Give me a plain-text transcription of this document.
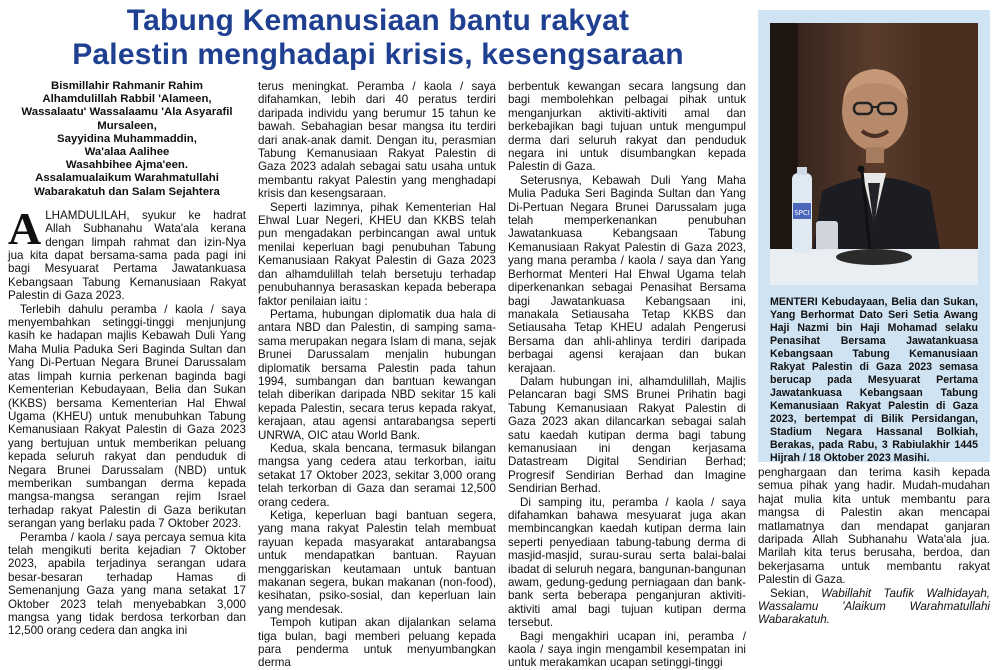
Tabung Kemanusiaan bantu rakyat
Palestin menghadapi krisis, kesengsaraan
Bismillahir Rahmanir Rahim
Alhamdulillah Rabbil 'Alameen,
Wassalaatu' Wassalaamu 'Ala Asyarafil
Mursaleen,
Sayyidina Muhammaddin,
Wa'alaa Aalihee
Wasahbihee Ajma'een.
Assalamualaikum Warahmatullahi
Wabarakatuh dan Salam Sejahtera

ALHAMDULILAH, syukur ke hadrat Allah Subhanahu Wata'ala kerana dengan limpah rahmat dan izin-Nya jua kita dapat bersama-sama pada pagi ini bagi Mesyuarat Pertama Jawatankuasa Kebangsaan Tabung Kemanusiaan Rakyat Palestin di Gaza 2023.

Terlebih dahulu peramba / kaola / saya menyembahkan setinggi-tinggi menjunjung kasih ke hadapan majlis Kebawah Duli Yang Maha Mulia Paduka Seri Baginda Sultan dan Yang Di-Pertuan Negara Brunei Darussalam atas limpah kurnia perkenan baginda bagi Kementerian Kebudayaan, Belia dan Sukan (KKBS) bersama Kementerian Hal Ehwal Ugama (KHEU) untuk menubuhkan Tabung Kemanusiaan Rakyat Palestin di Gaza 2023 yang bertujuan untuk memberikan peluang kepada seluruh rakyat dan penduduk di Negara Brunei Darussalam (NBD) untuk memberikan sumbangan derma kepada mangsa-mangsa serangan rejim Israel terhadap rakyat Palestin di Gaza berikutan serangan yang berlaku pada 7 Oktober 2023.

Peramba / kaola / saya percaya semua kita telah mengikuti berita kejadian 7 Oktober 2023, apabila terjadinya serangan udara besar-besaran terhadap Hamas di Semenanjung Gaza yang mana setakat 17 Oktober 2023 telah menyebabkan 3,000 mangsa yang tidak berdosa terkorban dan 12,500 orang cedera dan angka ini

terus meningkat. Peramba / kaola / saya difahamkan, lebih dari 40 peratus terdiri daripada individu yang berumur 15 tahun ke bawah. Sebahagian besar mangsa itu terdiri dari anak-anak damit. Dengan itu, perasmian Tabung Kemanusiaan Rakyat Palestin di Gaza 2023 adalah sebagai satu usaha untuk membantu rakyat Palestin yang menghadapi krisis dan kesengsaraan.

Seperti lazimnya, pihak Kementerian Hal Ehwal Luar Negeri, KHEU dan KKBS telah pun mengadakan perbincangan awal untuk menilai keperluan bagi penubuhan Tabung Kemanusiaan Rakyat Palestin di Gaza 2023 dan alhamdulillah telah bersetuju terhadap penubuhannya berasaskan kepada beberapa faktor penilaian iaitu :

Pertama, hubungan diplomatik dua hala di antara NBD dan Palestin, di samping sama-sama merupakan negara Islam di mana, sejak Brunei Darussalam menjalin hubungan diplomatik bersama Palestin pada tahun 1994, sumbangan dan bantuan kewangan telah diberikan daripada NBD sekitar 15 kali kepada Palestin, secara terus kepada rakyat, kerajaan, atau agensi antarabangsa seperti UNRWA, OIC atau World Bank.

Kedua, skala bencana, termasuk bilangan mangsa yang cedera atau terkorban, iaitu setakat 17 Oktober 2023, sekitar 3,000 orang telah terkorban di Gaza dan seramai 12,500 orang cedera.

Ketiga, keperluan bagi bantuan segera, yang mana rakyat Palestin telah membuat rayuan kepada masyarakat antarabangsa untuk mendapatkan bantuan. Rayuan menggariskan keutamaan untuk bantuan makanan segera, bukan makanan (non-food), kesihatan, psiko-sosial, dan keperluan lain yang mendesak.

Tempoh kutipan akan dijalankan selama tiga bulan, bagi memberi peluang kepada para penderma untuk menyumbangkan derma

berbentuk kewangan secara langsung dan bagi membolehkan pelbagai pihak untuk menganjurkan aktiviti-aktiviti amal dan berkebajikan bagi tujuan untuk mengumpul derma dari seluruh rakyat dan penduduk negara ini untuk disumbangkan kepada Palestin di Gaza.

Seterusnya, Kebawah Duli Yang Maha Mulia Paduka Seri Baginda Sultan dan Yang Di-Pertuan Negara Brunei Darussalam juga telah memperkenankan penubuhan Jawatankuasa Kebangsaan Tabung Kemanusiaan Rakyat Palestin di Gaza 2023, yang mana peramba / kaola / saya dan Yang Berhormat Menteri Hal Ehwal Ugama telah diperkenankan sebagai Penasihat Bersama bagi Jawatankuasa Kebangsaan ini, manakala Setiausaha Tetap KKBS dan Setiausaha Tetap KHEU adalah Pengerusi Bersama dan ahli-ahlinya terdiri daripada berbagai agensi kerajaan dan bukan kerajaan.

Dalam hubungan ini, alhamdulillah, Majlis Pelancaran bagi SMS Brunei Prihatin bagi Tabung Kemanusiaan Rakyat Palestin di Gaza 2023 akan dilancarkan sebagai salah satu kaedah kutipan derma bagi tabung kemanusiaan ini dengan kerjasama Datastream Digital Sendirian Berhad; Progresif Sendirian Berhad dan Imagine Sendirian Berhad.

Di samping itu, peramba / kaola / saya difahamkan bahawa mesyuarat juga akan membincangkan kaedah kutipan derma lain seperti penyediaan tabung-tabung derma di masjid-masjid, surau-surau serta balai-balai ibadat di seluruh negara, bangunan-bangunan awam, gedung-gedung perniagaan dan bank-bank serta beberapa penganjuran aktiviti-aktiviti amal bagi tujuan kutipan derma tersebut.

Bagi mengakhiri ucapan ini, peramba / kaola / saya ingin mengambil kesempatan ini untuk merakamkan ucapan setinggi-tinggi

SPCI
MENTERI Kebudayaan, Belia dan Sukan, Yang Berhormat Dato Seri Setia Awang Haji Nazmi bin Haji Mohamad selaku Penasihat Bersama Jawatankuasa Kebangsaan Tabung Kemanusiaan Rakyat Palestin di Gaza 2023 semasa berucap pada Mesyuarat Pertama Jawatankuasa Kebangsaan Tabung Kemanusiaan Rakyat Palestin di Gaza 2023, bertempat di Bilik Persidangan, Stadium Negara Hassanal Bolkiah, Berakas, pada Rabu, 3 Rabiulakhir 1445 Hijrah / 18 Oktober 2023 Masihi.

penghargaan dan terima kasih kepada semua pihak yang hadir. Mudah-mudahan hajat mulia kita untuk membantu para mangsa di Palestin akan mencapai matlamatnya dan mendapat ganjaran daripada Allah Subhanahu Wata'ala jua. Marilah kita terus berusaha, berdoa, dan bekerjasama untuk membantu rakyat Palestin di Gaza.

Sekian, Wabillahit Taufik Walhidayah, Wassalamu 'Alaikum Warahmatullahi Wabarakatuh.
